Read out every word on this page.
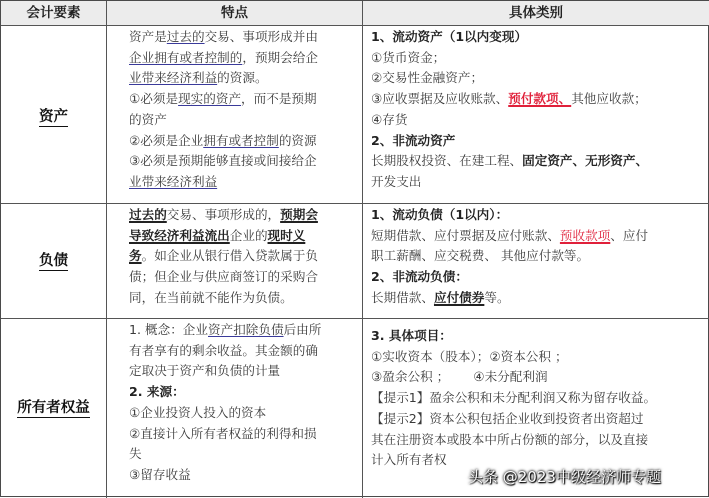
会计要素	特点	具体类别
资产

资产是过去的交易、事项形成并由

企业拥有或者控制的，预期会给企

业带来经济利益的资源。

①必须是现实的资产，而不是预期

的资产

②必须是企业拥有或者控制的资源

③必须是预期能够直接或间接给企

业带来经济利益

1、流动资产（1以内变现）

①货币资金；

②交易性金融资产；

③应收票据及应收账款、预付款项、其他应收款；

④存货

2、非流动资产

长期股权投资、在建工程、固定资产、无形资产、

开发支出

负债

过去的交易、事项形成的，预期会

导致经济利益流出企业的现时义

务。如企业从银行借入贷款属于负

债；但企业与供应商签订的采购合

同，在当前就不能作为负债。

1、流动负债（1以内）：

短期借款、应付票据及应付账款、预收款项、应付

职工薪酬、应交税费、 其他应付款等。

2、非流动负债：

长期借款、应付债券等。

所有者权益

1. 概念：企业资产扣除负债后由所

有者享有的剩余收益。其金额的确

定取决于资产和负债的计量

2. 来源：

①企业投资人投入的资本

②直接计入所有者权益的利得和损

失

③留存收益

3. 具体项目：

①实收资本（股本）；②资本公积 ；

③盈余公积 ；      ④未分配利润

【提示1】盈余公积和未分配利润又称为留存收益。

【提示2】资本公积包括企业收到投资者出资超过

其在注册资本或股本中所占份额的部分，以及直接

计入所有者权

头条 @2023中级经济师专题
